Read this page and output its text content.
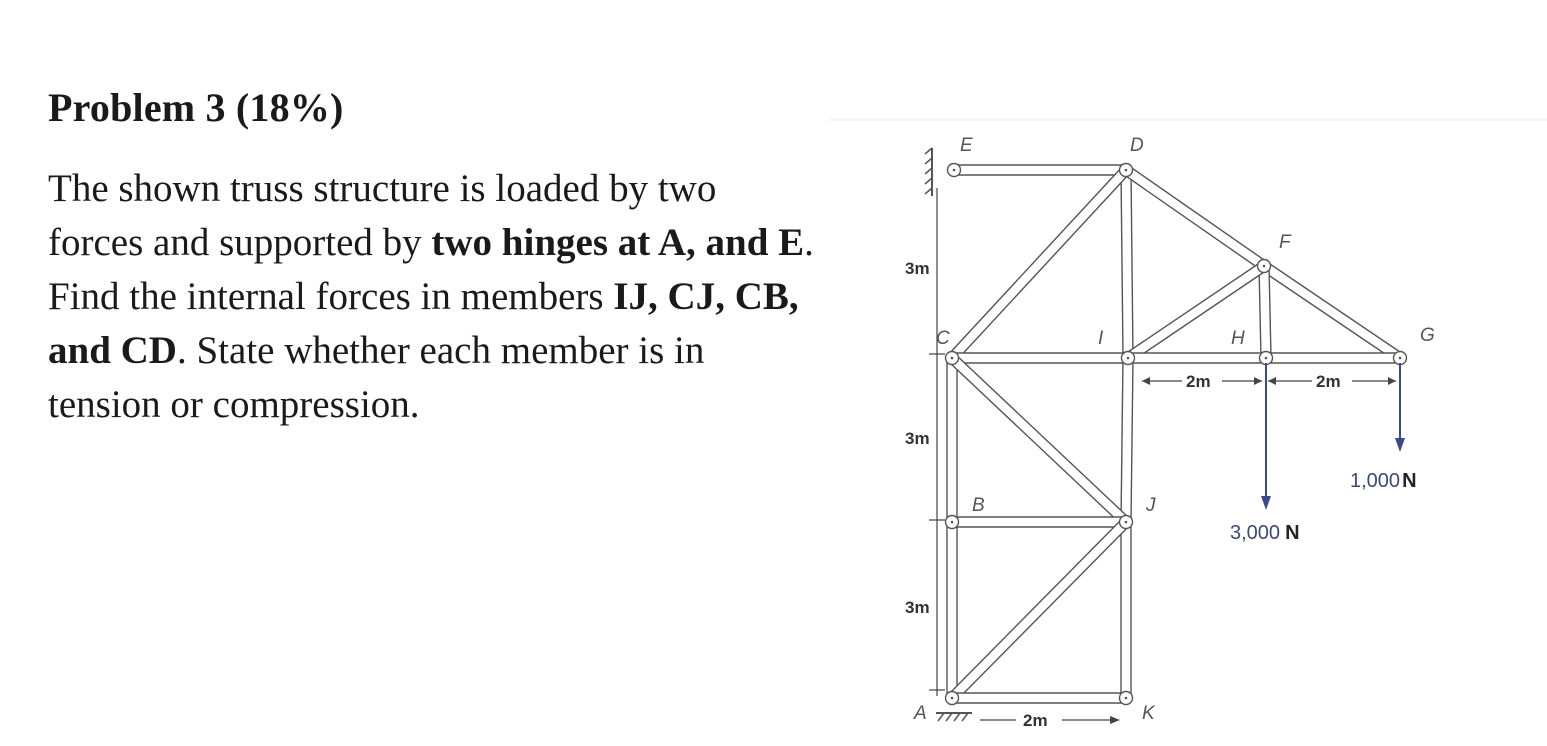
Problem 3 (18%)

The shown truss structure is loaded by two forces and supported by two hinges at A, and E. Find the internal forces in members IJ, CJ, CB, and CD. State whether each member is in tension or compression.

3m
3m
3m
2m	2m
2m
3,000 N
1,000 N
E	D
F
G
H
I
C
B	J
A	K
